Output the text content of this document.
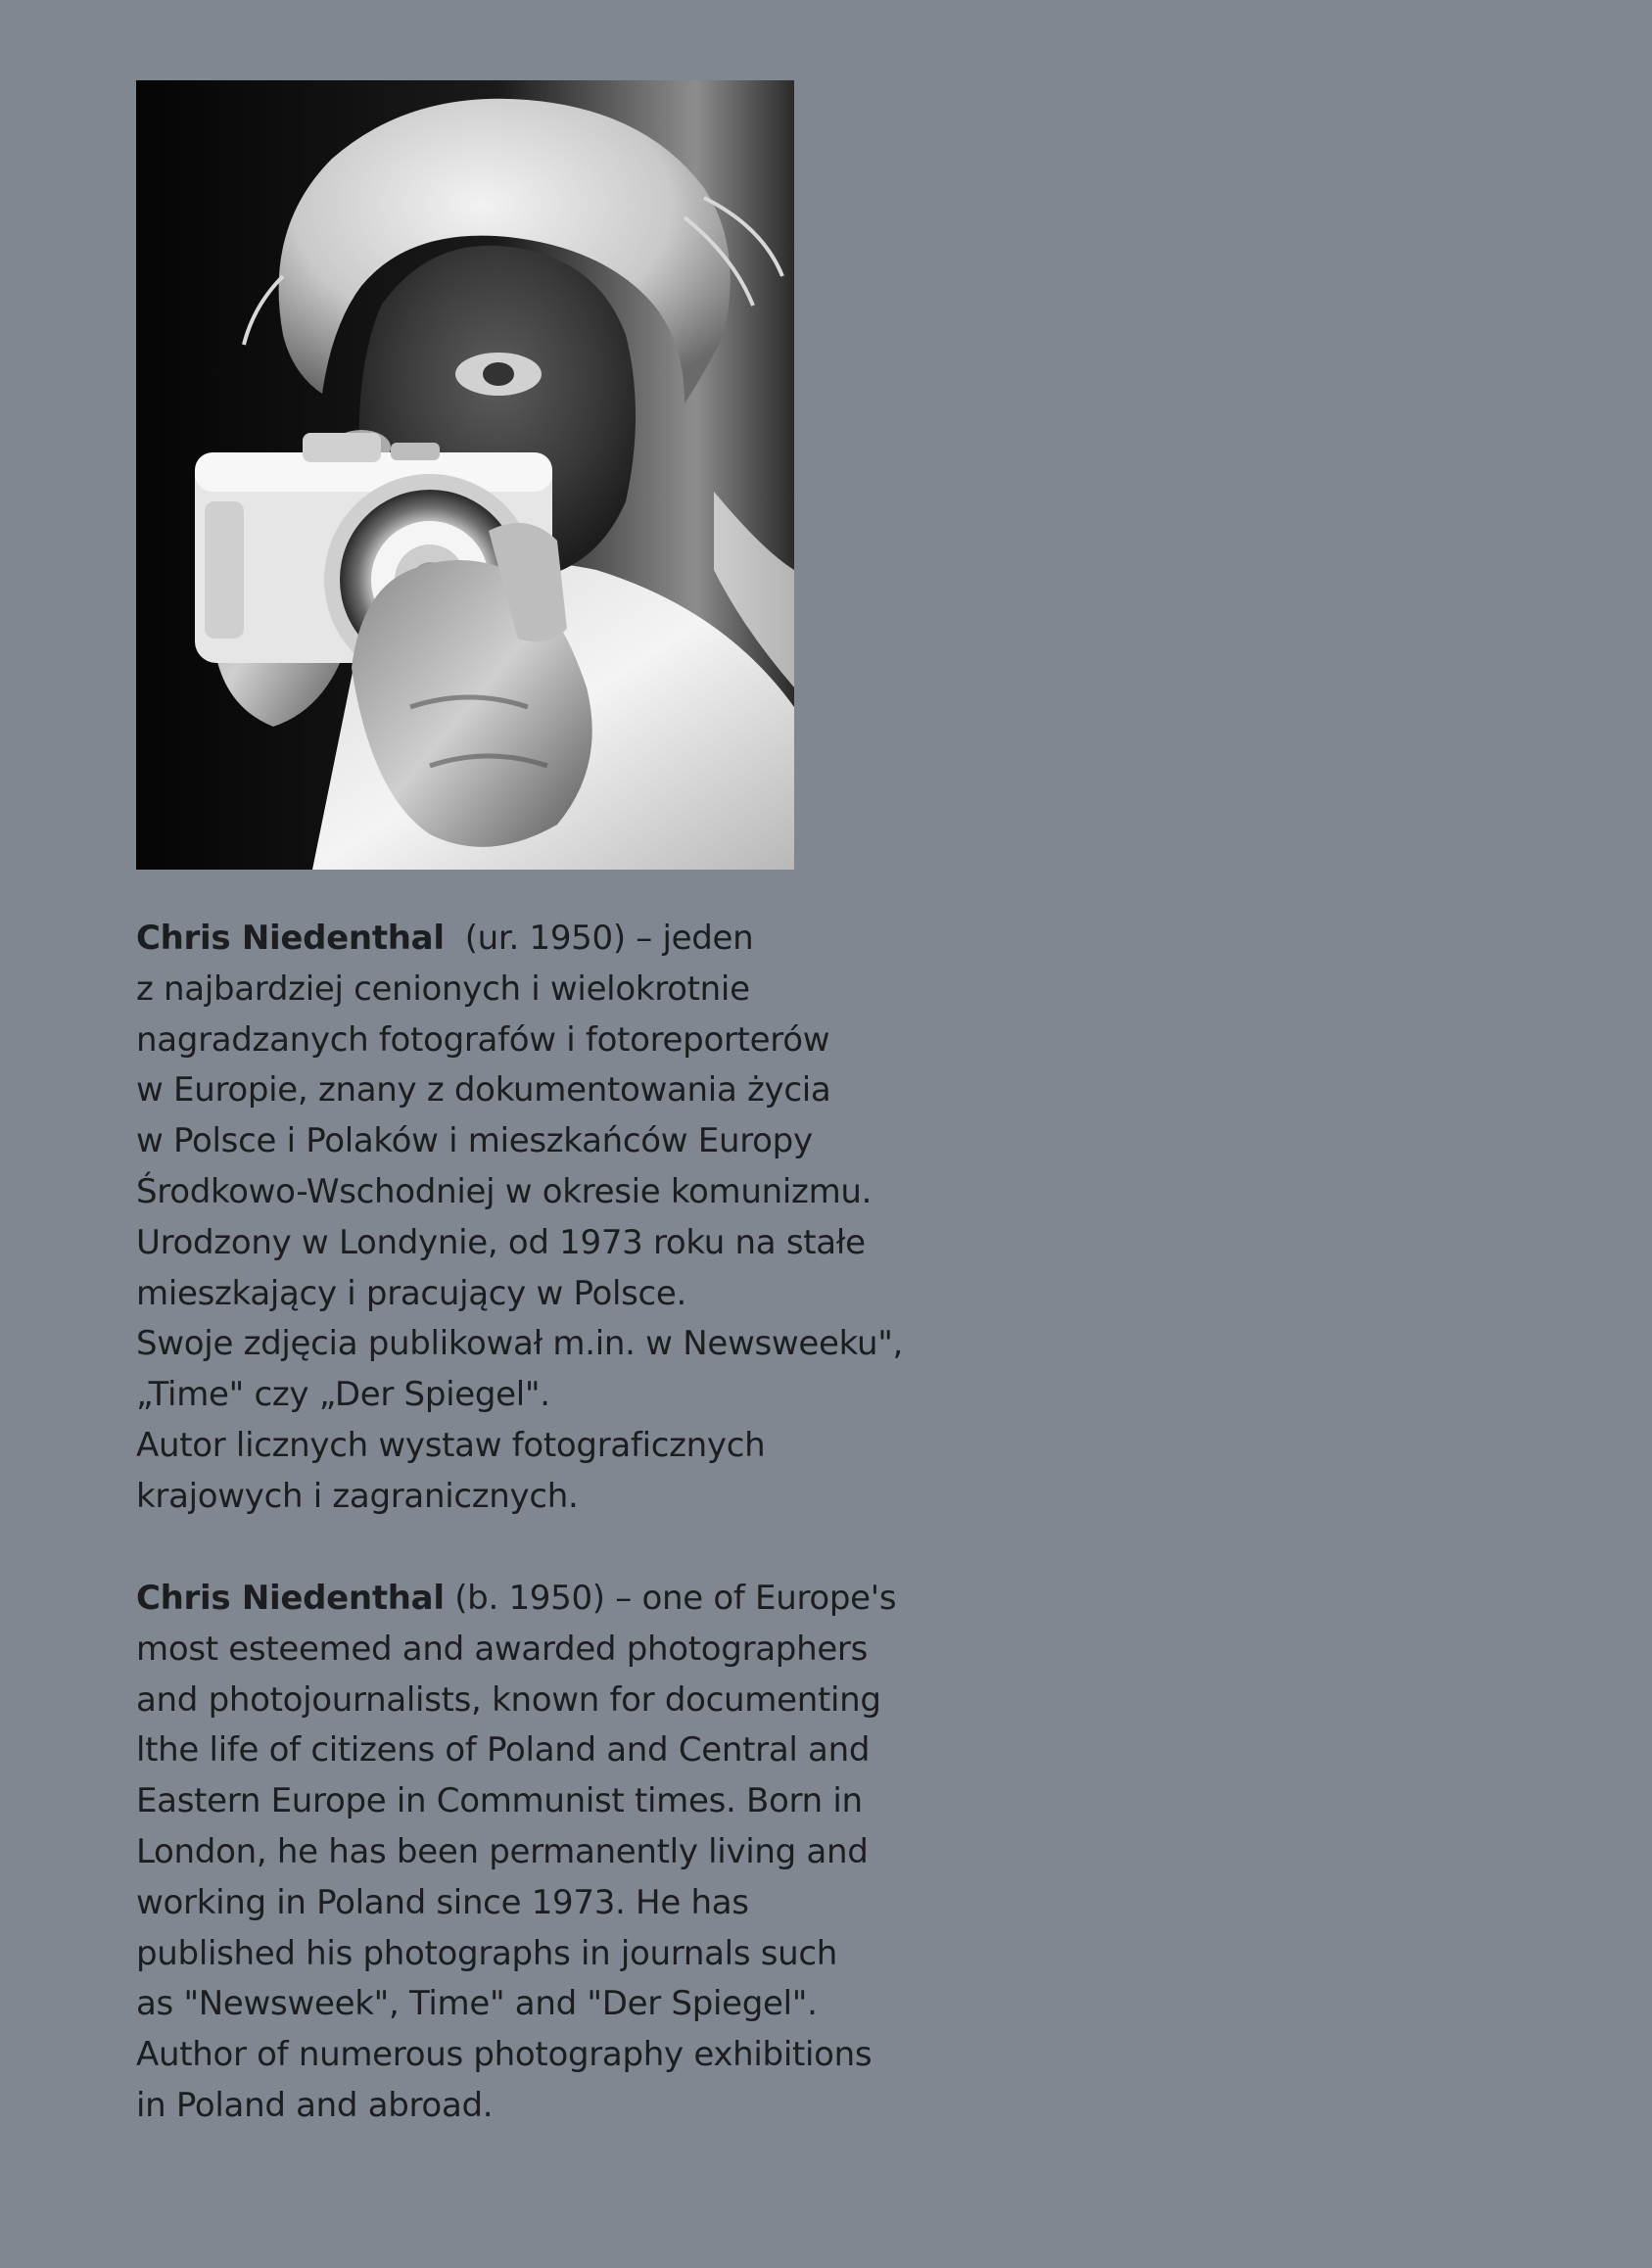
Chris Niedenthal  (ur. 1950) – jeden
z najbardziej cenionych i wielokrotnie
nagradzanych fotografów i fotoreporterów
w Europie, znany z dokumentowania życia
w Polsce i Polaków i mieszkańców Europy
Środkowo-Wschodniej w okresie komunizmu.
Urodzony w Londynie, od 1973 roku na stałe
mieszkający i pracujący w Polsce.
Swoje zdjęcia publikował m.in. w Newsweeku",
„Time" czy „Der Spiegel".
Autor licznych wystaw fotograficznych
krajowych i zagranicznych.
Chris Niedenthal (b. 1950) – one of Europe's
most esteemed and awarded photographers
and photojournalists, known for documenting
lthe life of citizens of Poland and Central and
Eastern Europe in Communist times. Born in
London, he has been permanently living and
working in Poland since 1973. He has
published his photographs in journals such
as "Newsweek", Time" and "Der Spiegel".
Author of numerous photography exhibitions
in Poland and abroad.
